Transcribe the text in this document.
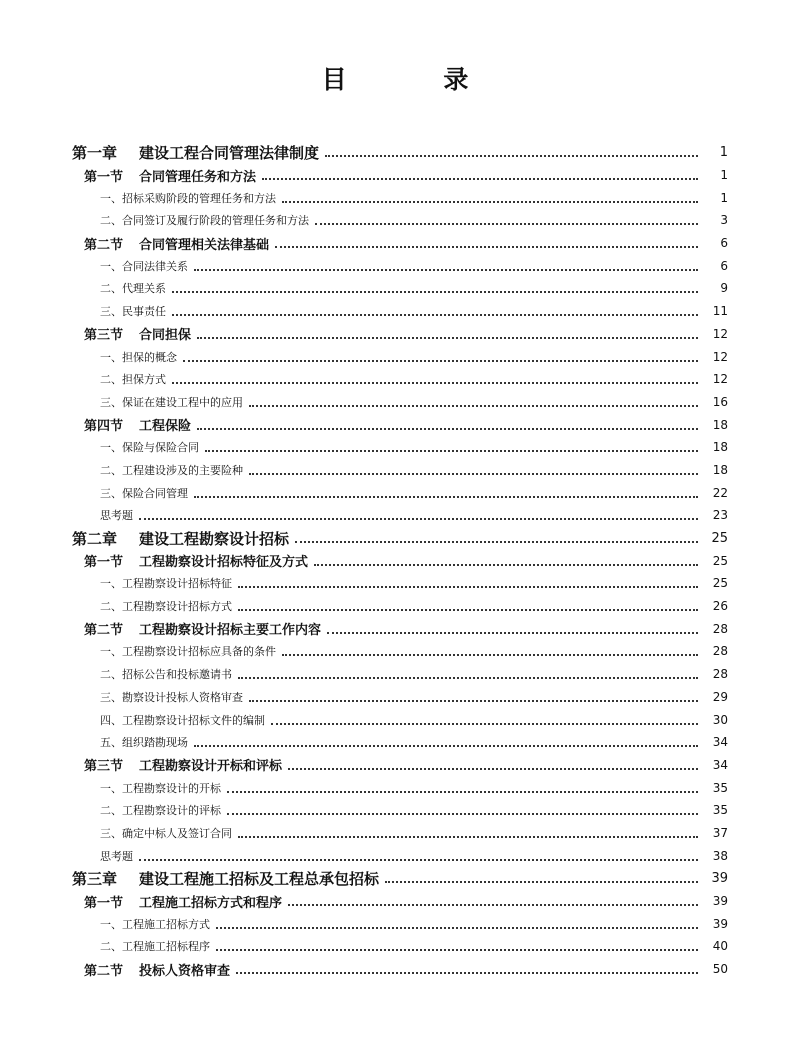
目 录
第一章 建设工程合同管理法律制度	1
第一节 合同管理任务和方法	1
一、招标采购阶段的管理任务和方法	1
二、合同签订及履行阶段的管理任务和方法	3
第二节 合同管理相关法律基础	6
一、合同法律关系	6
二、代理关系	9
三、民事责任	11
第三节 合同担保	12
一、担保的概念	12
二、担保方式	12
三、保证在建设工程中的应用	16
第四节 工程保险	18
一、保险与保险合同	18
二、工程建设涉及的主要险种	18
三、保险合同管理	22
思考题	23
第二章 建设工程勘察设计招标	25
第一节 工程勘察设计招标特征及方式	25
一、工程勘察设计招标特征	25
二、工程勘察设计招标方式	26
第二节 工程勘察设计招标主要工作内容	28
一、工程勘察设计招标应具备的条件	28
二、招标公告和投标邀请书	28
三、勘察设计投标人资格审查	29
四、工程勘察设计招标文件的编制	30
五、组织踏勘现场	34
第三节 工程勘察设计开标和评标	34
一、工程勘察设计的开标	35
二、工程勘察设计的评标	35
三、确定中标人及签订合同	37
思考题	38
第三章 建设工程施工招标及工程总承包招标	39
第一节 工程施工招标方式和程序	39
一、工程施工招标方式	39
二、工程施工招标程序	40
第二节 投标人资格审查	50
